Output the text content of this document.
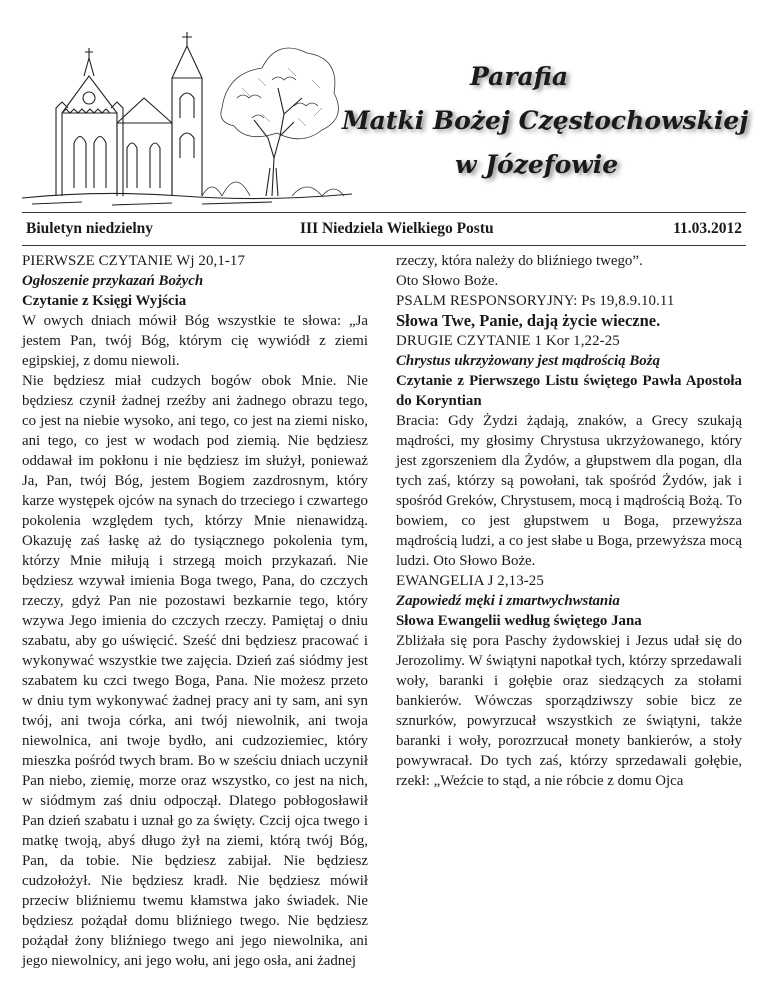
Parafia

Matki Bożej Częstochowskiej

w Józefowie

Biuletyn niedzielny	III Niedziela Wielkiego Postu	11.03.2012

PIERWSZE CZYTANIE Wj 20,1-17

Ogłoszenie przykazań Bożych

Czytanie z Księgi Wyjścia

W owych dniach mówił Bóg wszystkie te słowa: „Ja jestem Pan, twój Bóg, którym cię wywiódł z ziemi egipskiej, z domu niewoli.

Nie będziesz miał cudzych bogów obok Mnie. Nie będziesz czynił żadnej rzeźby ani żadnego obrazu tego, co jest na niebie wysoko, ani tego, co jest na ziemi nisko, ani tego, co jest w wodach pod ziemią. Nie będziesz oddawał im pokłonu i nie będziesz im służył, ponieważ Ja, Pan, twój Bóg, jestem Bogiem zazdrosnym, który karze występek ojców na synach do trzeciego i czwartego pokolenia względem tych, którzy Mnie nienawidzą. Okazuję zaś łaskę aż do tysiącznego pokolenia tym, którzy Mnie miłują i strzegą moich przykazań. Nie będziesz wzywał imienia Boga twego, Pana, do czczych rzeczy, gdyż Pan nie pozostawi bezkarnie tego, który wzywa Jego imienia do czczych rzeczy. Pamiętaj o dniu szabatu, aby go uświęcić. Sześć dni będziesz pracować i wykonywać wszystkie twe zajęcia. Dzień zaś siódmy jest szabatem ku czci twego Boga, Pana. Nie możesz przeto w dniu tym wykonywać żadnej pracy ani ty sam, ani syn twój, ani twoja córka, ani twój niewolnik, ani twoja niewolnica, ani twoje bydło, ani cudzoziemiec, który mieszka pośród twych bram. Bo w sześciu dniach uczynił Pan niebo, ziemię, morze oraz wszystko, co jest na nich, w siódmym zaś dniu odpoczął. Dlatego pobłogosławił Pan dzień szabatu i uznał go za święty. Czcij ojca twego i matkę twoją, abyś długo żył na ziemi, którą twój Bóg, Pan, da tobie. Nie będziesz zabijał. Nie będziesz cudzołożył. Nie będziesz kradł. Nie będziesz mówił przeciw bliźniemu twemu kłamstwa jako świadek. Nie będziesz pożądał domu bliźniego twego. Nie będziesz pożądał żony bliźniego twego ani jego niewolnika, ani jego niewolnicy, ani jego wołu, ani jego osła, ani żadnej

rzeczy, która należy do bliźniego twego”.

Oto Słowo Boże.

PSALM RESPONSORYJNY: Ps 19,8.9.10.11

Słowa Twe, Panie, dają życie wieczne.

DRUGIE CZYTANIE 1 Kor 1,22-25

Chrystus ukrzyżowany jest mądrością Bożą

Czytanie z Pierwszego Listu świętego Pawła Apostoła do Koryntian

Bracia: Gdy Żydzi żądają, znaków, a Grecy szukają mądrości, my głosimy Chrystusa ukrzyżowanego, który jest zgorszeniem dla Żydów, a głupstwem dla pogan, dla tych zaś, którzy są powołani, tak spośród Żydów, jak i spośród Greków, Chrystusem, mocą i mądrością Bożą. To bowiem, co jest głupstwem u Boga, przewyższa mądrością ludzi, a co jest słabe u Boga, przewyższa mocą ludzi. Oto Słowo Boże.

EWANGELIA J 2,13-25

Zapowiedź męki i zmartwychwstania

Słowa Ewangelii według świętego Jana

Zbliżała się pora Paschy żydowskiej i Jezus udał się do Jerozolimy. W świątyni napotkał tych, którzy sprzedawali woły, baranki i gołębie oraz siedzących za stołami bankierów. Wówczas sporządziwszy sobie bicz ze sznurków, powyrzucał wszystkich ze świątyni, także baranki i woły, porozrzucał monety bankierów, a stoły powywracał. Do tych zaś, którzy sprzedawali gołębie, rzekł: „Weźcie to stąd, a nie róbcie z domu Ojca
